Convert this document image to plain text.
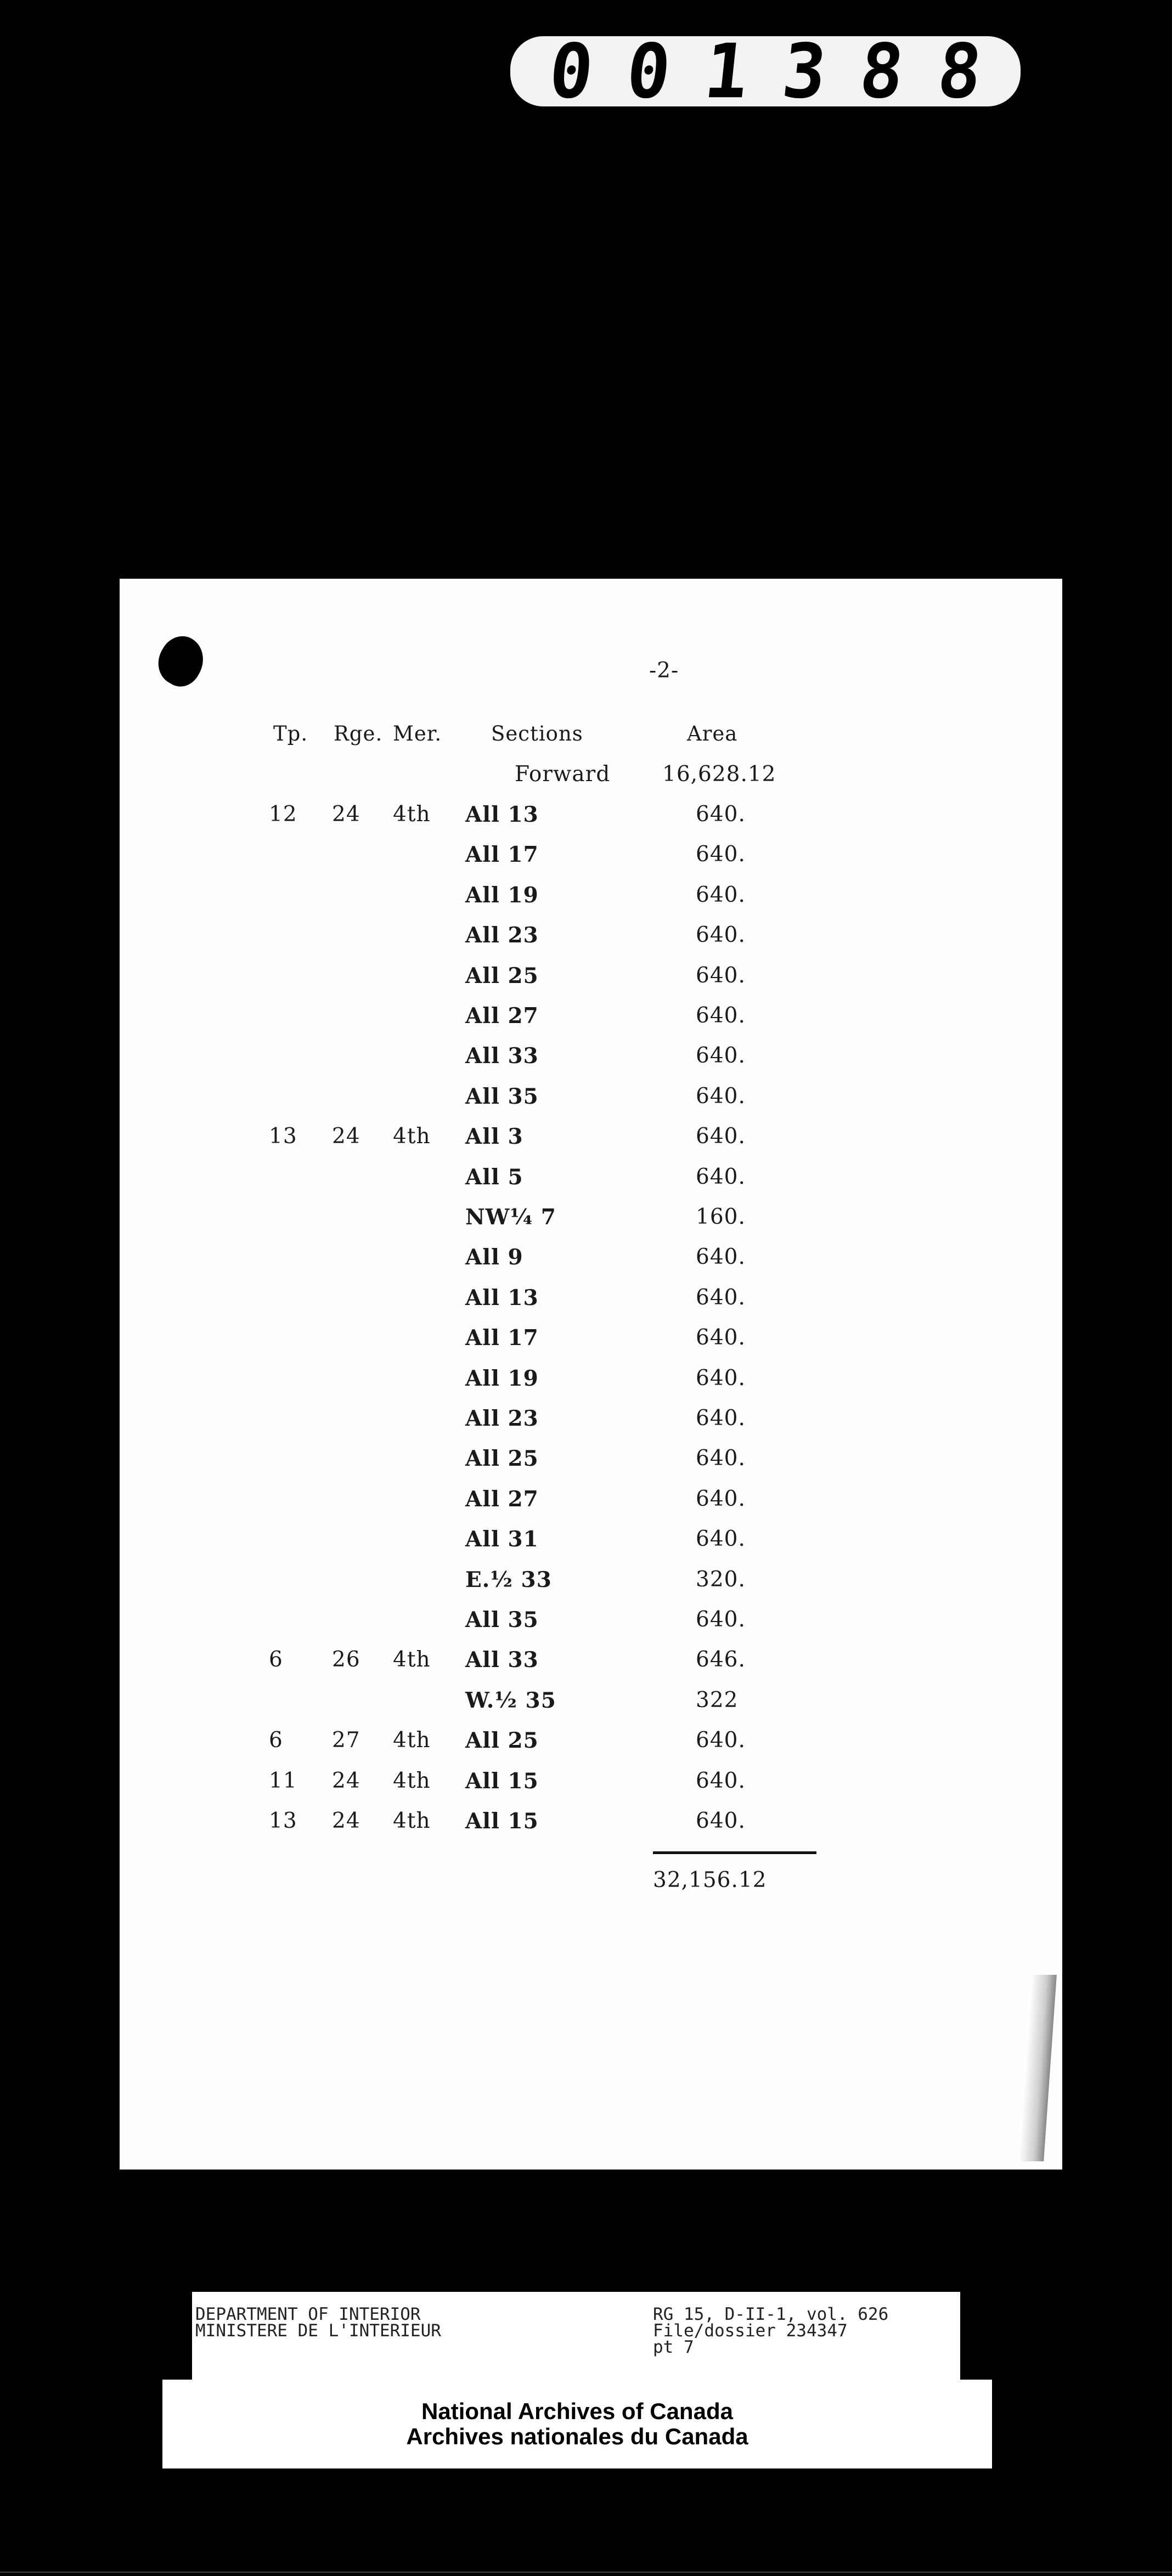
0 0 1 3 8 8
-2-
Tp. Rge. Mer. Sections	Area
Forward 16,628.12
12 24 4th All 13	640.
All 17	640.
All 19	640.
All 23	640.
All 25	640.
All 27	640.
All 33	640.
All 35	640.
13 24 4th All 3	640.
All 5	640.
NW¼ 7	160.
All 9	640.
All 13	640.
All 17	640.
All 19	640.
All 23	640.
All 25	640.
All 27	640.
All 31	640.
E.½ 33	320.
All 35	640.
6 26 4th All 33	646.
W.½ 35	322
6 27 4th All 25	640.
11 24 4th All 15	640.
13 24 4th All 15	640.
32,156.12
DEPARTMENT OF INTERIOR
MINISTERE DE L'INTERIEUR
RG 15, D-II-1, vol. 626
File/dossier 234347
pt 7
National Archives of Canada
Archives nationales du Canada
